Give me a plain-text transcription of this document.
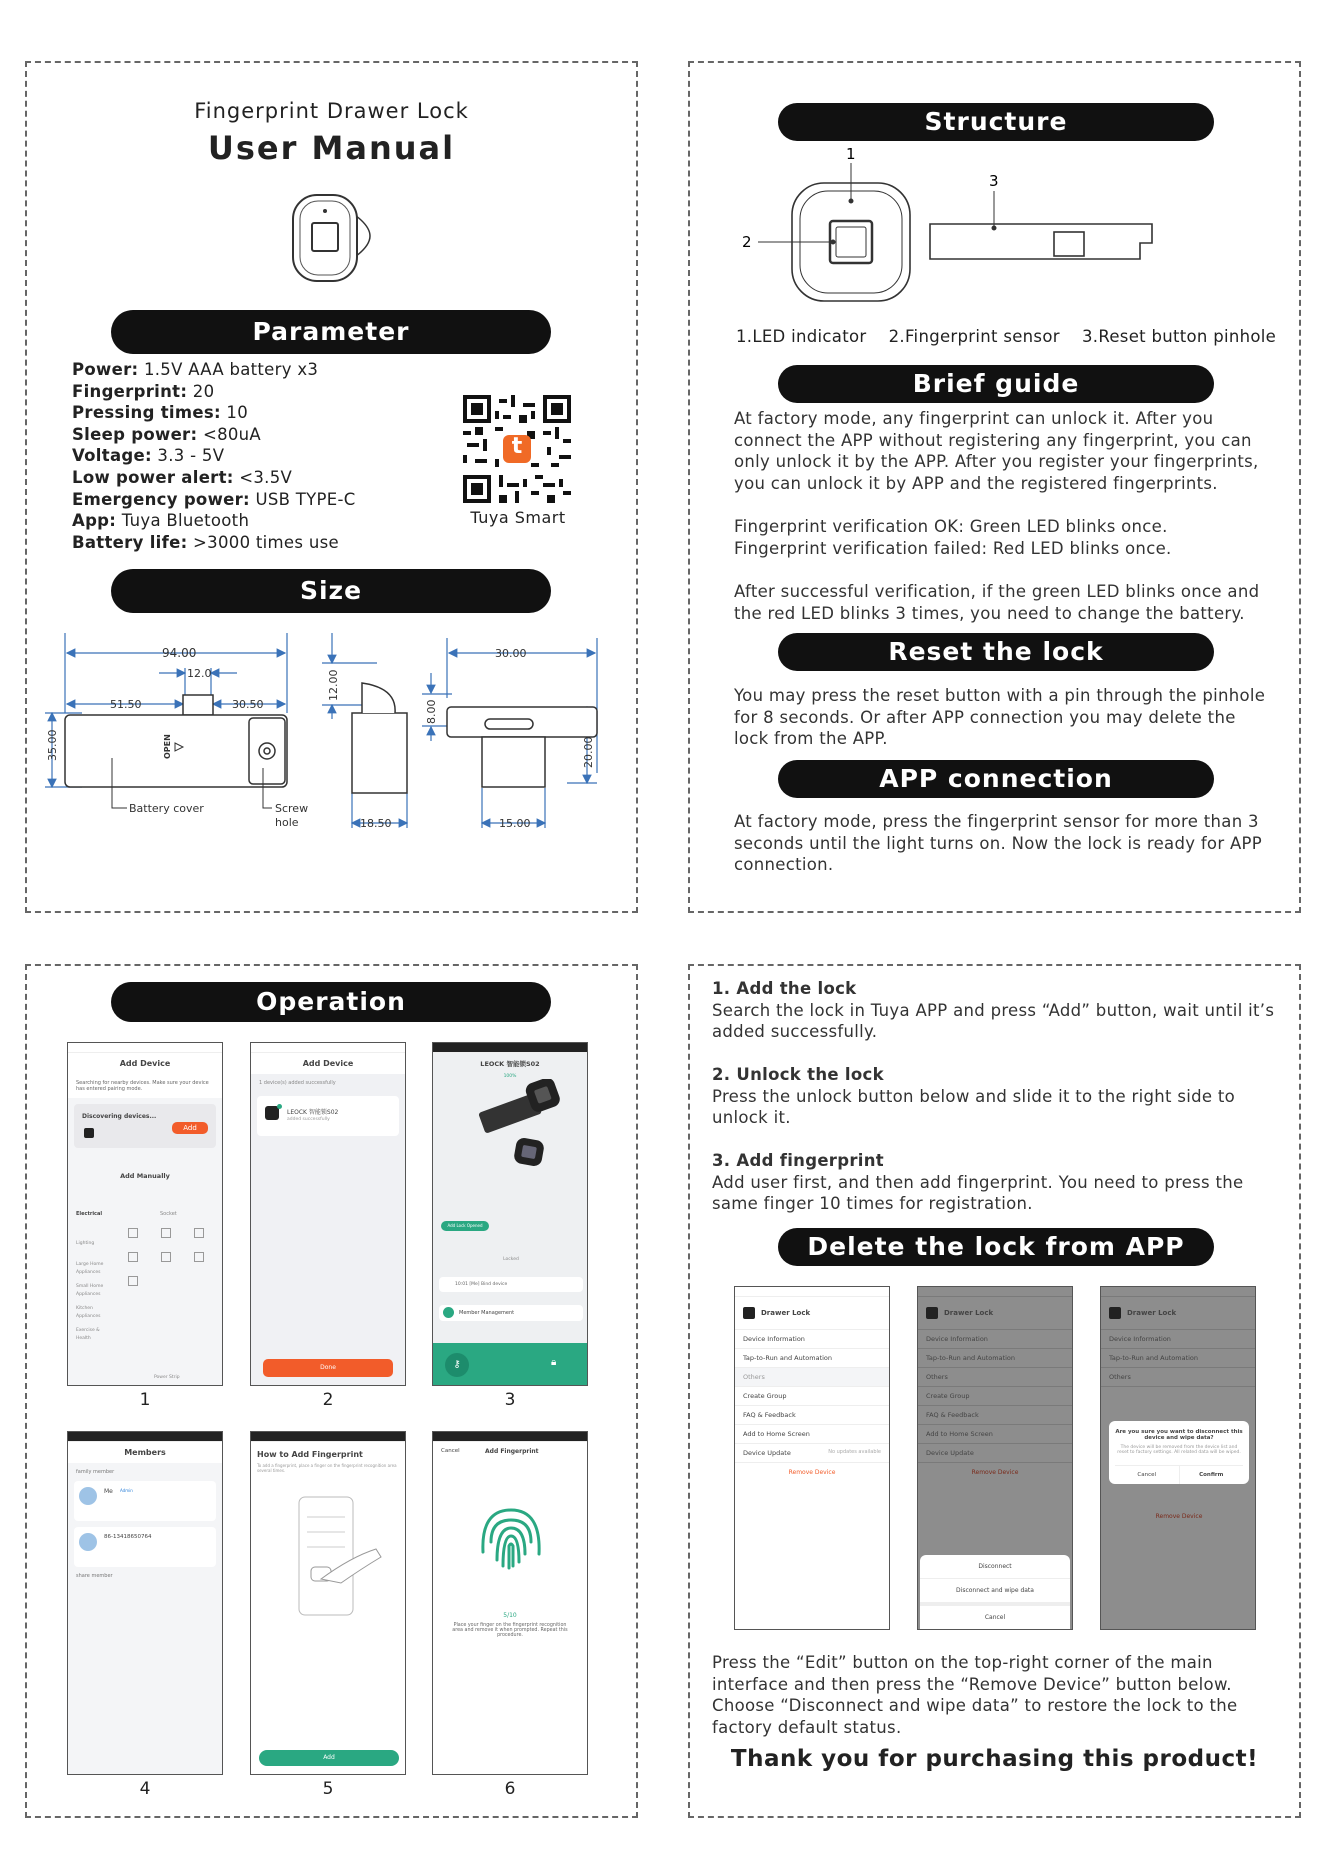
Fingerprint Drawer Lock
User Manual
Parameter
Power: 1.5V AAA battery x3
Fingerprint: 20
Pressing times: 10
Sleep power: <80uA
Voltage: 3.3 - 5V
Low power alert: <3.5V
Emergency power: USB TYPE-C
App: Tuya Bluetooth
Battery life: >3000 times use
t
Tuya Smart
Size
94.00
12.0
51.50	30.50
35.00
12.00
18.50
30.00
8.00
20.00
15.00
OPEN
Battery cover	Screw
hole
Structure
1
2
3
1.LED indicator    2.Fingerprint sensor    3.Reset button pinhole
Brief guide
At factory mode, any fingerprint can unlock it. After you connect the APP without registering any fingerprint, you can only unlock it by the APP. After you register your fingerprints, you can unlock it by APP and the registered fingerprints.
Fingerprint verification OK: Green LED blinks once.
Fingerprint verification failed: Red LED blinks once.
After successful verification, if the green LED blinks once and the red LED blinks 3 times, you need to change the battery.
Reset the lock
You may press the reset button with a pin through the pinhole for 8 seconds. Or after APP connection you may delete the lock from the APP.
APP connection
At factory mode, press the fingerprint sensor for more than 3 seconds until the light turns on. Now the lock is ready for APP connection.
Operation
Add Device
Searching for nearby devices. Make sure your device has entered pairing mode.
Discovering devices...
Add
Add Manually
Electrical	Socket
Lighting
Large Home Appliances
Small Home Appliances
Kitchen Appliances
Exercise & Health
Power Strip
1
Add Device
1 device(s) added successfully
LEOCK 智能锁S02
added successfully
Done
2
LEOCK 智能锁S02
100%
Add Lock Opened
Locked
10:01 [Me] Bind device
Member Management
⚷	🔒︎
3
Members
family member
Me Admin
86-13418650764
share member
4
How to Add Fingerprint
To add a fingerprint, place a finger on the fingerprint recognition area several times.
Add
5
Cancel	Add Fingerprint
5/10
Place your finger on the fingerprint recognition area and remove it when prompted. Repeat this procedure.
6
1. Add the lock
Search the lock in Tuya APP and press “Add” button, wait until it’s added successfully.
2. Unlock the lock
Press the unlock button below and slide it to the right side to unlock it.
3. Add fingerprint
Add user first, and then add fingerprint. You need to press the same finger 10 times for registration.
Delete the lock from APP
Drawer Lock
Device Information
Tap-to-Run and Automation
Others
Create Group
FAQ & Feedback
Add to Home Screen
Device Update	No updates available
Remove Device
Drawer Lock
Device Information
Tap-to-Run and Automation
Others
Create Group
FAQ & Feedback
Add to Home Screen
Device Update
Remove Device
Disconnect
Disconnect and wipe data
Cancel
Drawer Lock
Device Information
Tap-to-Run and Automation
Others
Are you sure you want to disconnect this device and wipe data?
The device will be removed from the device list and reset to factory settings. All related data will be wiped.
Cancel	Confirm
Remove Device
Press the “Edit” button on the top-right corner of the main interface and then press the “Remove Device” button below. Choose “Disconnect and wipe data” to restore the lock to the factory default status.
Thank you for purchasing this product!
